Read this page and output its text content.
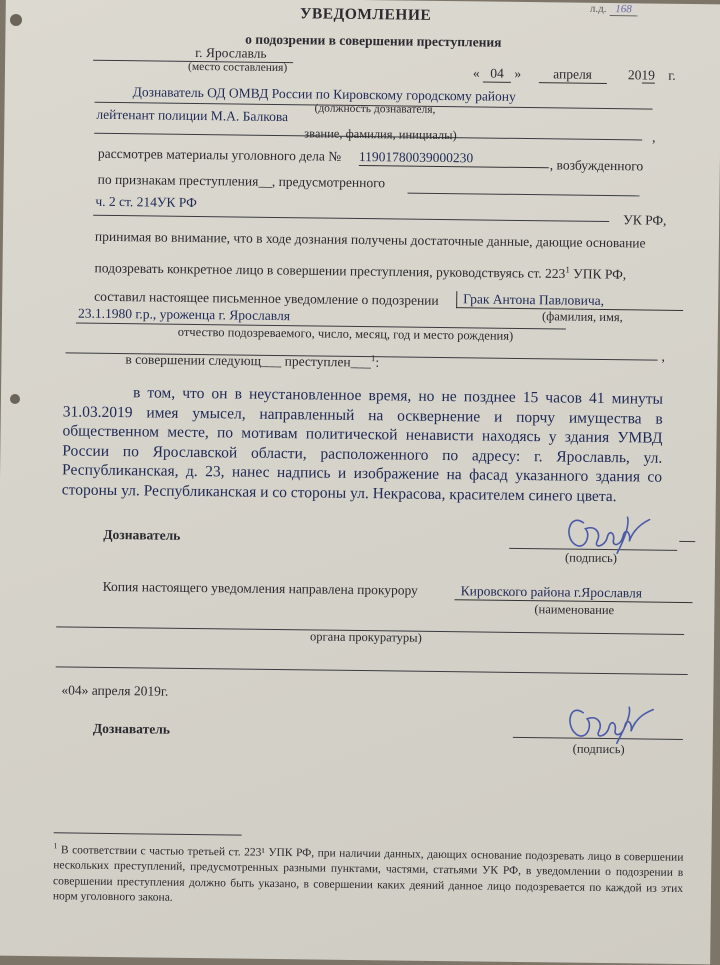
л.д. 168
УВЕДОМЛЕНИЕ
о подозрении в совершении преступления
г. Ярославль
(место составления)	« 04 » апреля	2019 г.
Дознаватель ОД ОМВД России по Кировскому городскому району
(должность дознавателя,
лейтенант полиции М.А. Балкова
звание, фамилия, инициалы)	,
рассмотрев материалы уголовного дела № 11901780039000230
, возбужденного
по признакам преступления__, предусмотренного
ч. 2 ст. 214УК РФ
УК РФ,
принимая во внимание, что в ходе дознания получены достаточные данные, дающие основание
подозревать конкретное лицо в совершении преступления, руководствуясь ст. $223^1$ УПК РФ,
составил настоящее письменное уведомление о подозрении	Грак Антона Павловича,
(фамилия, имя,
23.1.1980 г.р., уроженца г. Ярославля
отчество подозреваемого, число, месяц, год и место рождения)
,
в совершении следующ___ преступлен___$^1$:
в том, что он в неустановленное время, но не позднее 15 часов 41 минуты 31.03.2019 имея умысел, направленный на осквернение и порчу имущества в общественном месте, по мотивам политической ненависти находясь у здания УМВД России по Ярославской области, расположенного по адресу: г. Ярославль, ул. Республиканская, д. 23, нанес надпись и изображение на фасад указанного здания со стороны ул. Республиканская и со стороны ул. Некрасова, красителем синего цвета.
Дознаватель
(подпись)
Копия настоящего уведомления направлена прокурору	Кировского района г.Ярославля
(наименование
органа прокуратуры)
«04» апреля 2019г.
Дознаватель
(подпись)
$^1$ В соответствии с частью третьей ст. 223¹ УПК РФ, при наличии данных, дающих основание подозревать лицо в совершении нескольких преступлений, предусмотренных разными пунктами, частями, статьями УК РФ, в уведомлении о подозрении в совершении преступления должно быть указано, в совершении каких деяний данное лицо подозревается по каждой из этих норм уголовного закона.
